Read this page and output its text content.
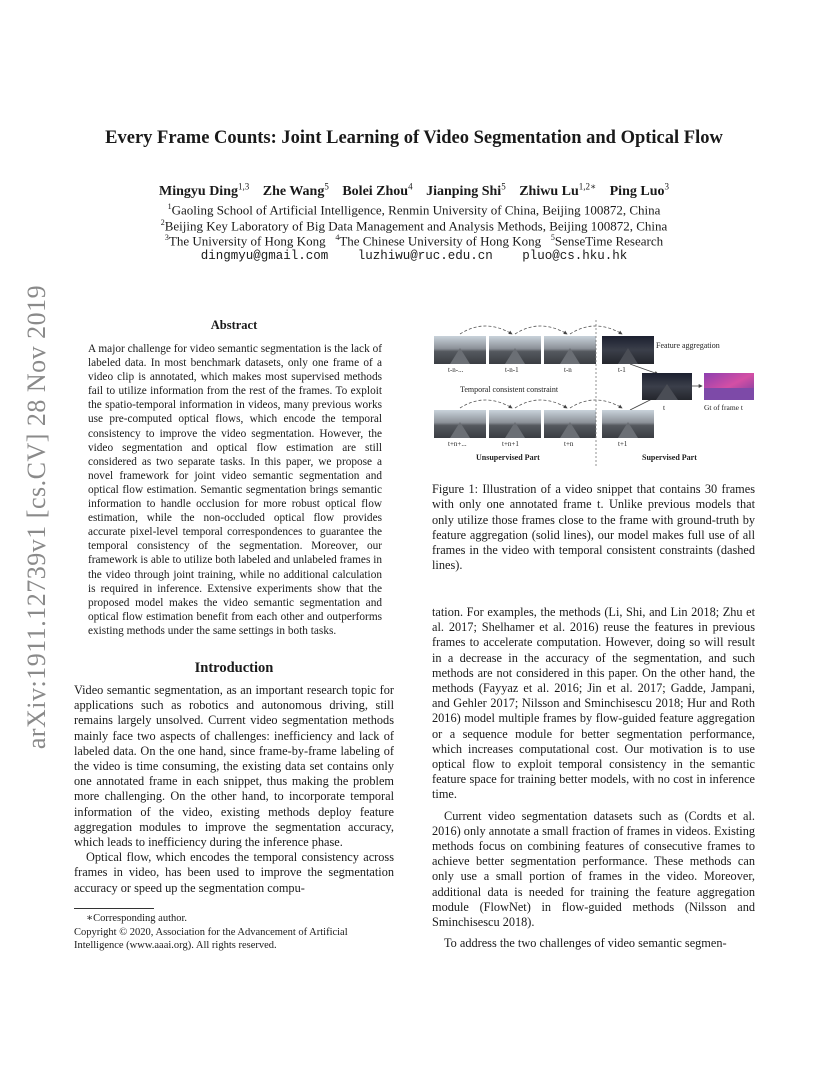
arXiv:1911.12739v1 [cs.CV] 28 Nov 2019
Every Frame Counts: Joint Learning of Video Segmentation and Optical Flow
Mingyu Ding$^{1,3}$ Zhe Wang$^5$ Bolei Zhou$^4$ Jianping Shi$^5$ Zhiwu $Lu^{1,2∗}$ Ping Luo$^3$
$^1$Gaoling School of Artificial Intelligence, Renmin University of China, Beijing 100872, China
$^2$Beijing Key Laboratory of Big Data Management and Analysis Methods, Beijing 100872, China
$^3$The University of Hong Kong $^4$The Chinese University of Hong Kong $^5$SenseTime Research
dingmyu@gmail.com luzhiwu@ruc.edu.cn pluo@cs.hku.hk
Abstract
A major challenge for video semantic segmentation is the lack of labeled data. In most benchmark datasets, only one frame of a video clip is annotated, which makes most supervised methods fail to utilize information from the rest of the frames. To exploit the spatio-temporal information in videos, many previous works use pre-computed optical flows, which encode the temporal consistency to improve the video segmentation. However, the video segmentation and optical flow estimation are still considered as two separate tasks. In this paper, we propose a novel framework for joint video semantic segmentation and optical flow estimation. Semantic segmentation brings semantic information to handle occlusion for more robust optical flow estimation, while the non-occluded optical flow provides accurate pixel-level temporal correspondences to guarantee the temporal consistency of the segmentation. Moreover, our framework is able to utilize both labeled and unlabeled frames in the video through joint training, while no additional calculation is required in inference. Extensive experiments show that the proposed model makes the video semantic segmentation and optical flow estimation benefit from each other and outperforms existing methods under the same settings in both tasks.
Introduction

Video semantic segmentation, as an important research topic for applications such as robotics and autonomous driving, still remains largely unsolved. Current video segmentation methods mainly face two aspects of challenges: inefficiency and lack of labeled data. On the one hand, since frame-by-frame labeling of the video is time consuming, the existing data set contains only one annotated frame in each snippet, thus making the problem more challenging. On the other hand, to incorporate temporal information of the video, existing methods deploy feature aggregation modules to improve the segmentation accuracy, which leads to inefficiency during the inference phase.

Optical flow, which encodes the temporal consistency across frames in video, has been used to improve the segmentation accuracy or speed up the segmentation compu-

∗Corresponding author.
Copyright © 2020, Association for the Advancement of Artificial Intelligence (www.aaai.org). All rights reserved.
t-n-...	t-n-1	t-n	t-1
Feature aggregation
t	Gt of frame t
Temporal consistent constraint
t+n+...	t+n+1	t+n	t+1
Unsupervised Part	Supervised Part
Figure 1: Illustration of a video snippet that contains 30 frames with only one annotated frame t. Unlike previous models that only utilize those frames close to the frame with ground-truth by feature aggregation (solid lines), our model makes full use of all frames in the video with temporal consistent constraints (dashed lines).

tation. For examples, the methods (Li, Shi, and Lin 2018; Zhu et al. 2017; Shelhamer et al. 2016) reuse the features in previous frames to accelerate computation. However, doing so will result in a decrease in the accuracy of the segmentation, and such methods are not considered in this paper. On the other hand, the methods (Fayyaz et al. 2016; Jin et al. 2017; Gadde, Jampani, and Gehler 2017; Nilsson and Sminchisescu 2018; Hur and Roth 2016) model multiple frames by flow-guided feature aggregation or a sequence module for better segmentation performance, which increases computational cost. Our motivation is to use optical flow to exploit temporal consistency in the semantic feature space for training better models, with no cost in inference time.

Current video segmentation datasets such as (Cordts et al. 2016) only annotate a small fraction of frames in videos. Existing methods focus on combining features of consecutive frames to achieve better segmentation performance. These methods can only use a small portion of frames in the video. Moreover, additional data is needed for training the feature aggregation module (FlowNet) in flow-guided methods (Nilsson and Sminchisescu 2018).

To address the two challenges of video semantic segmen-
